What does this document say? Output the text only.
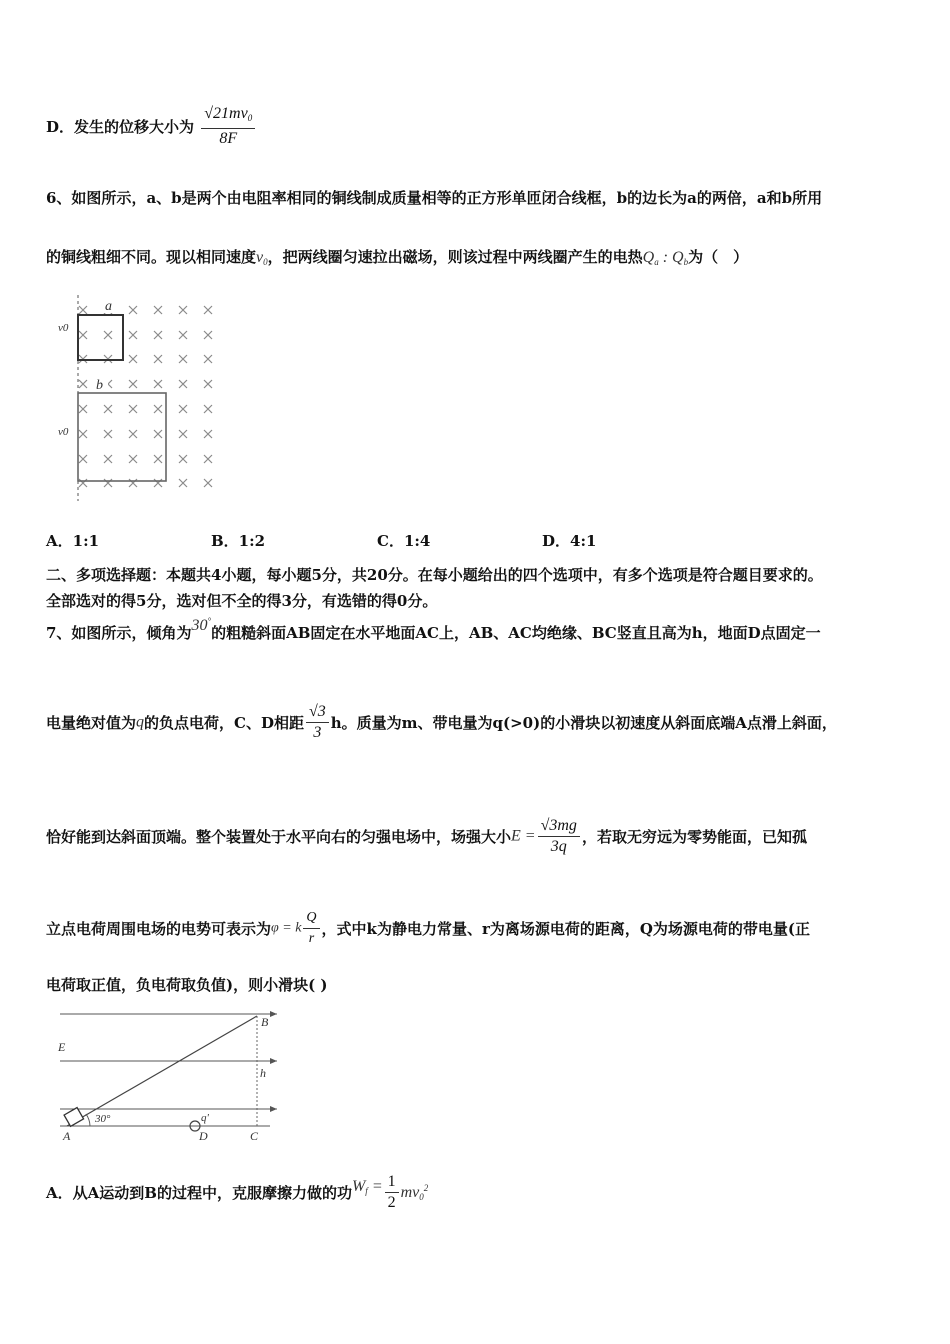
D．发生的位移大小为 $\frac{√21mv_0}{8F}$
6、如图所示，a、b是两个由电阻率相同的铜线制成质量相等的正方形单匝闭合线框，b的边长为a的两倍，a和b所用
的铜线粗细不同。现以相同速度$v_0$，把两线圈匀速拉出磁场，则该过程中两线圈产生的电热$Q_a$ : $Q_b$为（　）
a
b
v0
v0
A．1:1	B．1:2	C．1:4	D．4:1
二、多项选择题：本题共4小题，每小题5分，共20分。在每小题给出的四个选项中，有多个选项是符合题目要求的。
全部选对的得5分，选对但不全的得3分，有选错的得0分。
7、如图所示，倾角为30°的粗糙斜面AB固定在水平地面AC上，AB、AC均绝缘、BC竖直且高为h，地面D点固定一
电量绝对值为q的负点电荷，C、D相距 $\frac{√3}{3}$ h。质量为m、带电量为q(>0)的小滑块以初速度从斜面底端A点滑上斜面，
恰好能到达斜面顶端。整个装置处于水平向右的匀强电场中，场强大小$E = \frac{√3mg}{3q}$ ，若取无穷远为零势能面，已知孤
立点电荷周围电场的电势可表示为φ = k $\frac{Q}{r}$ ，式中k为静电力常量、r为离场源电荷的距离，Q为场源电荷的带电量(正
电荷取正值，负电荷取负值)，则小滑块( )
E
B
h
A
30°	q'
D	C
A．从A运动到B的过程中，克服摩擦力做的功$W_f = \frac{1}{2} mv_0^2$
